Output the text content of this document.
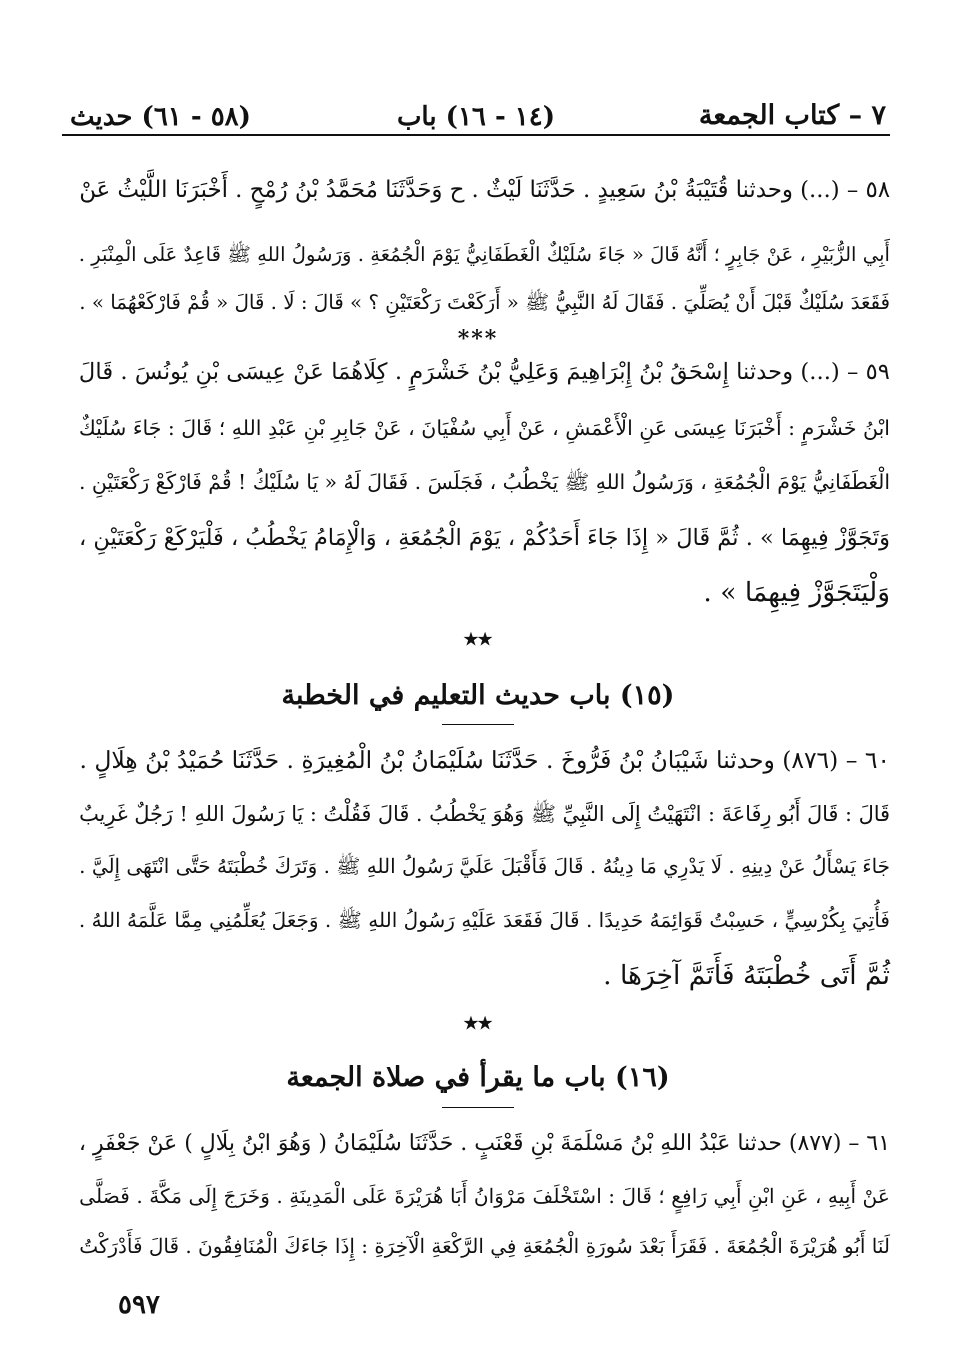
٧ – كتاب الجمعة
(١٤ - ١٦) باب
(٥٨ - ٦١) حديث
٥٨ – (...) وحدثنا قُتَيْبَةُ بْنُ سَعِيدٍ . حَدَّثَنَا لَيْثٌ . ح وَحَدَّثَنَا مُحَمَّدُ بْنُ رُمْحٍ . أَخْبَرَنَا اللَّيْثُ عَنْ
أَبِي الزُّبَيْرِ ، عَنْ جَابِرٍ ؛ أَنَّهُ قَالَ « جَاءَ سُلَيْكٌ الْغَطَفَانِيُّ يَوْمَ الْجُمُعَةِ . وَرَسُولُ اللهِ ﷺ قَاعِدٌ عَلَى الْمِنْبَرِ .
فَقَعَدَ سُلَيْكٌ قَبْلَ أَنْ يُصَلِّيَ . فَقَالَ لَهُ النَّبِيُّ ﷺ « أَرَكَعْتَ رَكْعَتَيْنِ ؟ » قَالَ : لَا . قَالَ « قُمْ فَارْكَعْهُمَا » .
***
٥٩ – (...) وحدثنا إِسْحَقُ بْنُ إِبْرَاهِيمَ وَعَلِيُّ بْنُ خَشْرَمٍ . كِلَاهُمَا عَنْ عِيسَى بْنِ يُونُسَ . قَالَ
ابْنُ خَشْرَمٍ : أَخْبَرَنَا عِيسَى عَنِ الْأَعْمَشِ ، عَنْ أَبِي سُفْيَانَ ، عَنْ جَابِرِ بْنِ عَبْدِ اللهِ ؛ قَالَ : جَاءَ سُلَيْكٌ
الْغَطَفَانِيُّ يَوْمَ الْجُمُعَةِ ، وَرَسُولُ اللهِ ﷺ يَخْطُبُ ، فَجَلَسَ . فَقَالَ لَهُ « يَا سُلَيْكُ ! قُمْ فَارْكَعْ رَكْعَتَيْنِ .
وَتَجَوَّزْ فِيهِمَا » . ثُمَّ قَالَ « إِذَا جَاءَ أَحَدُكُمْ ، يَوْمَ الْجُمُعَةِ ، وَالْإِمَامُ يَخْطُبُ ، فَلْيَرْكَعْ رَكْعَتَيْنِ ،
وَلْيَتَجَوَّزْ فِيهِمَا » .
٭٭
(١٥) باب حديث التعليم في الخطبة
٦٠ – (٨٧٦) وحدثنا شَيْبَانُ بْنُ فَرُّوخَ . حَدَّثَنَا سُلَيْمَانُ بْنُ الْمُغِيرَةِ . حَدَّثَنَا حُمَيْدُ بْنُ هِلَالٍ .
قَالَ : قَالَ أَبُو رِفَاعَةَ : انْتَهَيْتُ إِلَى النَّبِيِّ ﷺ وَهُوَ يَخْطُبُ . قَالَ فَقُلْتُ : يَا رَسُولَ اللهِ ! رَجُلٌ غَرِيبٌ
جَاءَ يَسْأَلُ عَنْ دِينِهِ . لَا يَدْرِي مَا دِينُهُ . قَالَ فَأَقْبَلَ عَلَيَّ رَسُولُ اللهِ ﷺ . وَتَرَكَ خُطْبَتَهُ حَتَّى انْتَهَى إِلَيَّ .
فَأُتِيَ بِكُرْسِيٍّ ، حَسِبْتُ قَوَائِمَهُ حَدِيدًا . قَالَ فَقَعَدَ عَلَيْهِ رَسُولُ اللهِ ﷺ . وَجَعَلَ يُعَلِّمُنِي مِمَّا عَلَّمَهُ اللهُ .
ثُمَّ أَتَى خُطْبَتَهُ فَأَتَمَّ آخِرَهَا .
٭٭
(١٦) باب ما يقرأ في صلاة الجمعة
٦١ – (٨٧٧) حدثنا عَبْدُ اللهِ بْنُ مَسْلَمَةَ بْنِ قَعْنَبٍ . حَدَّثَنَا سُلَيْمَانُ ( وَهُوَ ابْنُ بِلَالٍ ) عَنْ جَعْفَرٍ ،
عَنْ أَبِيهِ ، عَنِ ابْنِ أَبِي رَافِعٍ ؛ قَالَ : اسْتَخْلَفَ مَرْوَانُ أَبَا هُرَيْرَةَ عَلَى الْمَدِينَةِ . وَخَرَجَ إِلَى مَكَّةَ . فَصَلَّى
لَنَا أَبُو هُرَيْرَةَ الْجُمُعَةَ . فَقَرَأَ بَعْدَ سُورَةِ الْجُمُعَةِ فِي الرَّكْعَةِ الْآخِرَةِ : إِذَا جَاءَكَ الْمُنَافِقُونَ . قَالَ فَأَدْرَكْتُ
٥٩٧
